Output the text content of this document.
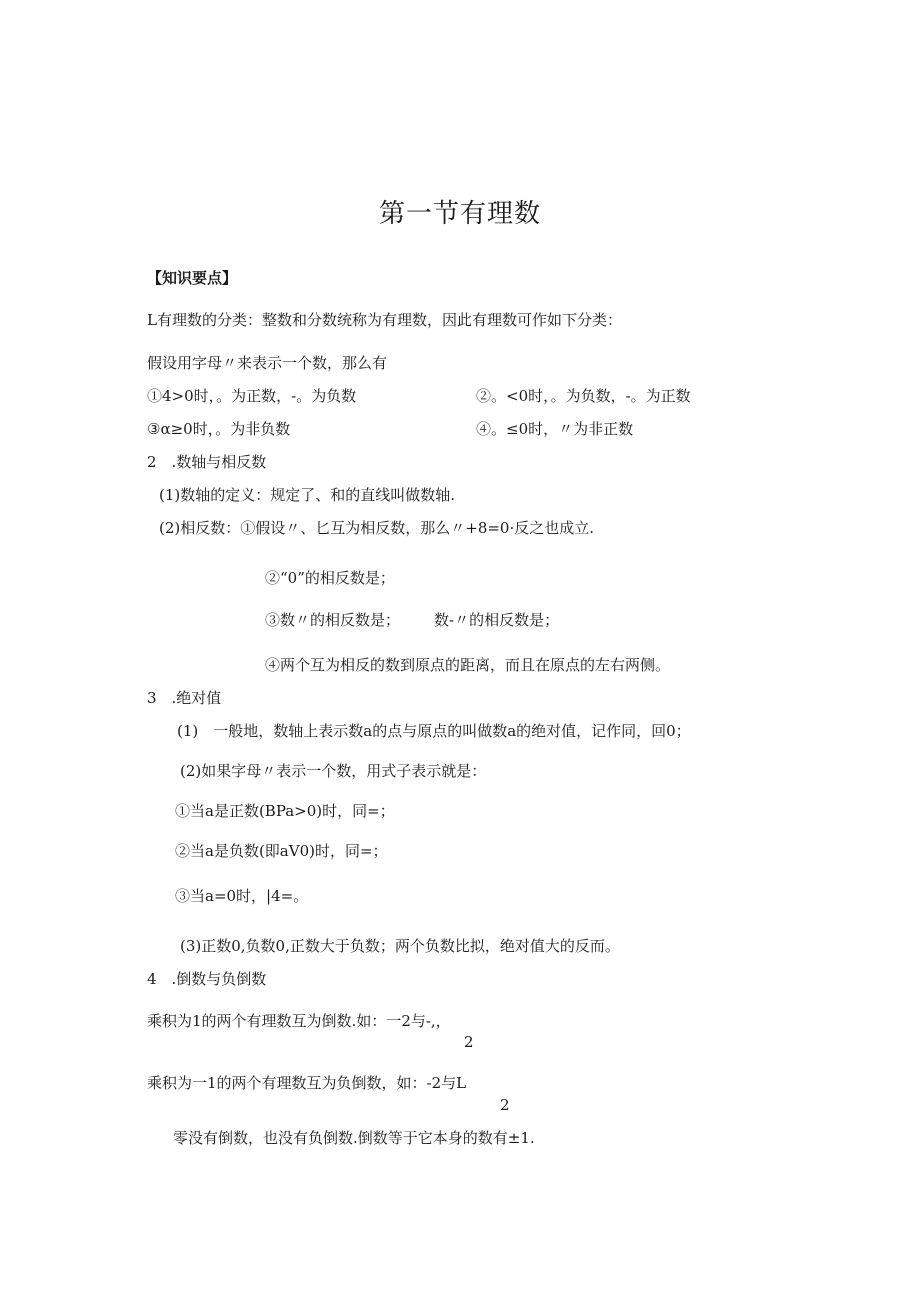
第一节有理数
【知识要点】
L有理数的分类：整数和分数统称为有理数，因此有理数可作如下分类：
假设用字母〃来表示一个数，那么有
①4>0时，。为正数，-。为负数	②。<0时，。为负数，-。为正数
③α≥0时，。为非负数	④。≤0时，〃为非正数
2　.数轴与相反数
(1)数轴的定义：规定了、和的直线叫做数轴.
(2)相反数：①假设〃、匕互为相反数，那么〃+8=0·反之也成立.
②“0”的相反数是；
③数〃的相反数是； 数-〃的相反数是；
④两个互为相反的数到原点的距离，而且在原点的左右两侧。
3　.绝对值
(1)　一般地，数轴上表示数a的点与原点的叫做数a的绝对值，记作同，回0；
(2)如果字母〃表示一个数，用式子表示就是：
①当a是正数(BPa>0)时，同=；
②当a是负数(即aV0)时，同=；
③当a=0时，|4=。
(3)正数0,负数0,正数大于负数；两个负数比拟，绝对值大的反而。
4　.倒数与负倒数
乘积为1的两个有理数互为倒数.如：一2与-,，
2
乘积为一1的两个有理数互为负倒数，如：-2与L
2
零没有倒数，也没有负倒数.倒数等于它本身的数有±1.
